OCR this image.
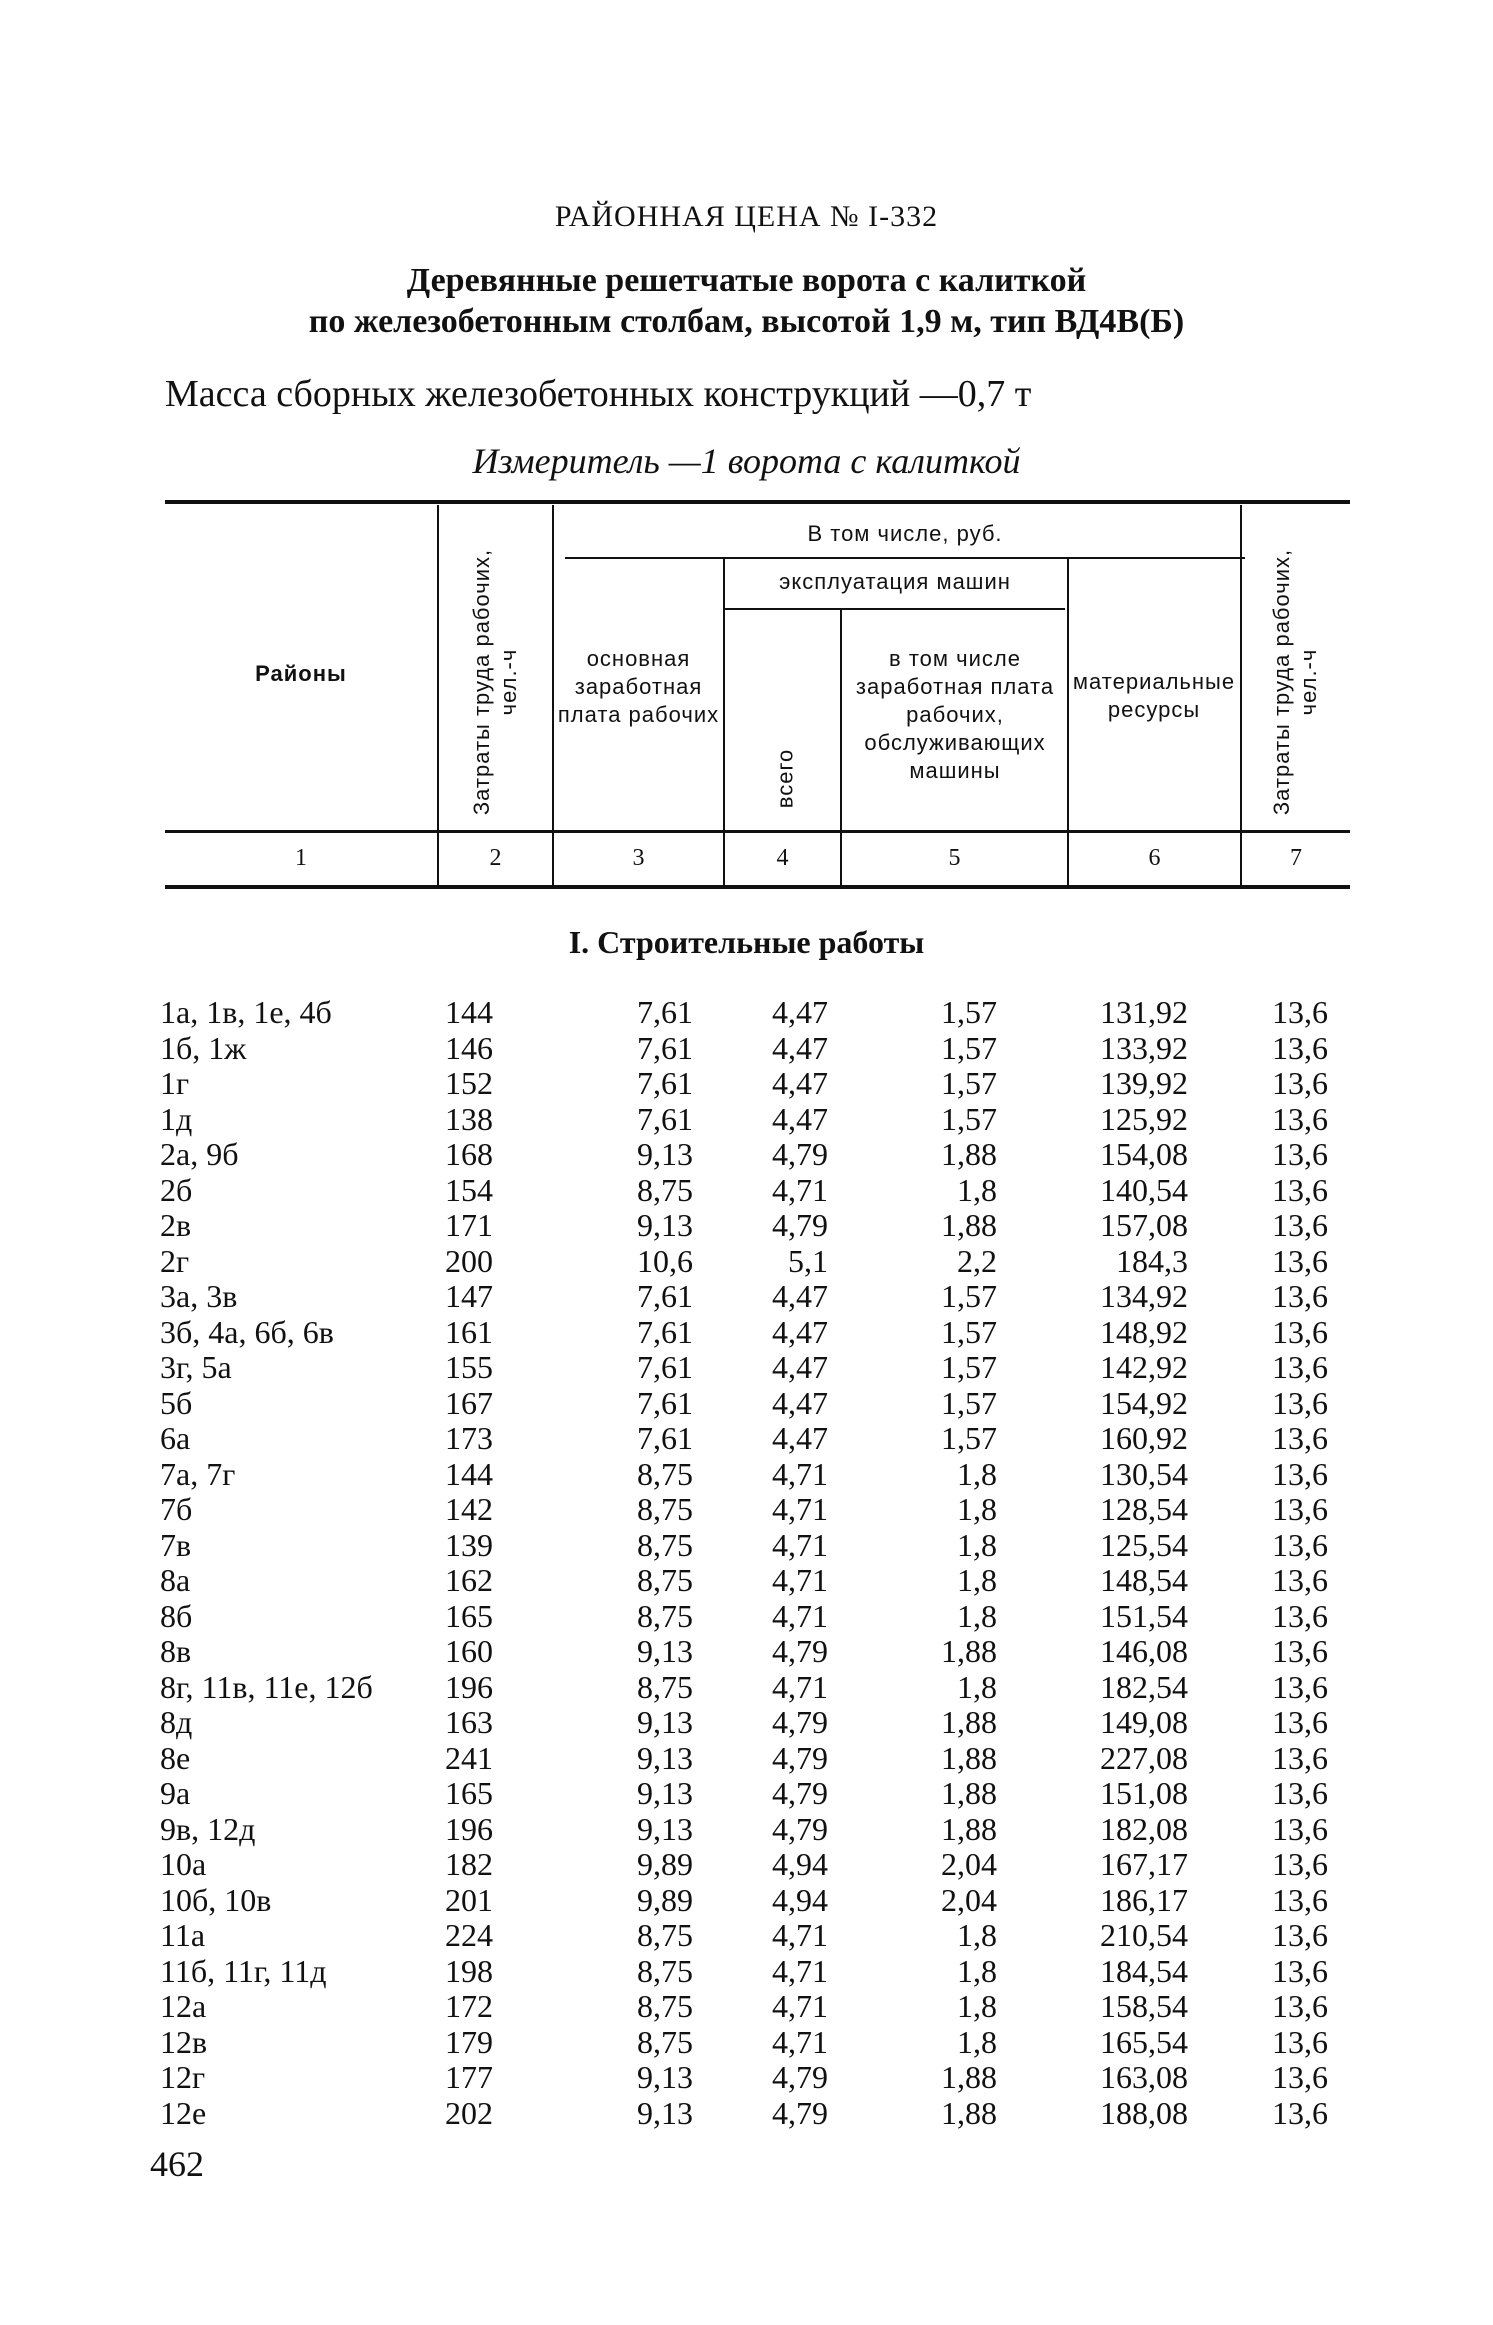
РАЙОННАЯ ЦЕНА № I-332
Деревянные решетчатые ворота с калиткой
по железобетонным столбам, высотой 1,9 м, тип ВД4В(Б)
Масса сборных железобетонных конструкций —0,7 т
Измеритель —1 ворота с калиткой
Районы	Затраты труда рабочих, чел.-ч
В том числе, руб.
основная заработная плата рабочих
эксплуатация машин
всего
в том числе заработная плата рабочих, обслуживающих машины
материальные ресурсы	Затраты труда рабочих, чел.-ч
1	2	3	4	5	6	7
I. Строительные работы
1а, 1в, 1е, 4б	144	7,61 4,47	1,57	131,92	13,6
1б, 1ж	146	7,61 4,47	1,57	133,92	13,6
1г	152	7,61 4,47	1,57	139,92	13,6
1д	138	7,61 4,47	1,57	125,92	13,6
2а, 9б	168	9,13 4,79	1,88	154,08	13,6
2б	154	8,75 4,71	1,8	140,54	13,6
2в	171	9,13 4,79	1,88	157,08	13,6
2г	200	10,6	5,1	2,2	184,3	13,6
3а, 3в	147	7,61 4,47	1,57	134,92	13,6
3б, 4а, 6б, 6в	161	7,61 4,47	1,57	148,92	13,6
3г, 5а	155	7,61 4,47	1,57	142,92	13,6
5б	167	7,61 4,47	1,57	154,92	13,6
6а	173	7,61 4,47	1,57	160,92	13,6
7а, 7г	144	8,75 4,71	1,8	130,54	13,6
7б	142	8,75 4,71	1,8	128,54	13,6
7в	139	8,75 4,71	1,8	125,54	13,6
8а	162	8,75 4,71	1,8	148,54	13,6
8б	165	8,75 4,71	1,8	151,54	13,6
8в	160	9,13 4,79	1,88	146,08	13,6
8г, 11в, 11е, 12б 196	8,75 4,71	1,8	182,54	13,6
8д	163	9,13 4,79	1,88	149,08	13,6
8е	241	9,13 4,79	1,88	227,08	13,6
9а	165	9,13 4,79	1,88	151,08	13,6
9в, 12д	196	9,13 4,79	1,88	182,08	13,6
10а	182	9,89 4,94	2,04	167,17	13,6
10б, 10в	201	9,89 4,94	2,04	186,17	13,6
11а	224	8,75 4,71	1,8	210,54	13,6
11б, 11г, 11д	198	8,75 4,71	1,8	184,54	13,6
12а	172	8,75 4,71	1,8	158,54	13,6
12в	179	8,75 4,71	1,8	165,54	13,6
12г	177	9,13 4,79	1,88	163,08	13,6
12е	202	9,13 4,79	1,88	188,08	13,6
462
